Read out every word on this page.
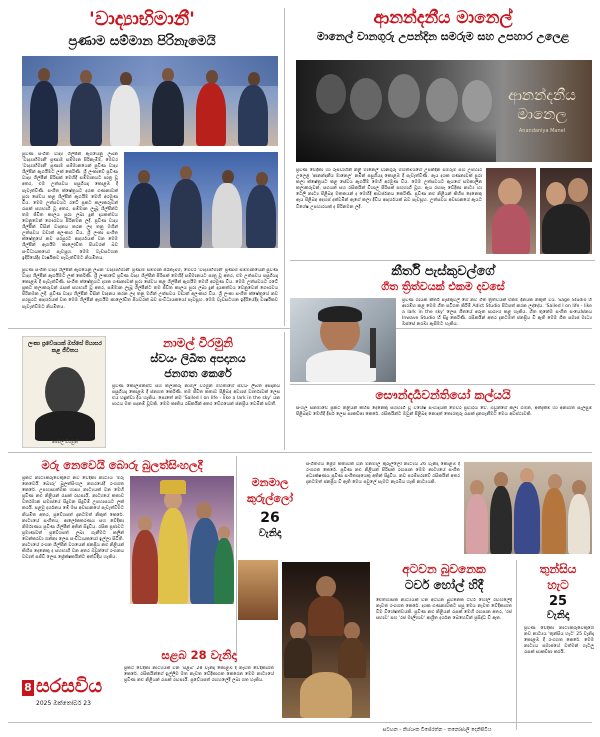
'වාද්‍යාභිමානී'
ප්‍රණාම සම්මාන පිරිනැමෙයි
පුවීණ සංගීත වාද්‍ය ශිල්පීන් ඇගයෙනු ලබන 'වාද්‍යාභිමානී' ප්‍රණාම සම්මාන පිරිනැමීම, මෙවර 'වාද්‍යාභිමානී' ප්‍රණාම සම්මානයෙන් පුවීණ වාද්‍ය ශිල්පීන් ඇගයීමට ලක් කෙරිණි. ශ්‍රී ලංකාවේ ප්‍රවීණ වාද්‍ය ශිල්පීන් පිරිසක් මෙහිදී සම්මානයට පාත්‍ර වූ අතර, එම උත්සවය පසුගියදා කොළඹ දී පැවැත්විණි. සංගීත ක්ෂේත්‍රයට දශක ගණනාවක් පුරා සේවය කළ ශිල්පීන් ඇගයීම මෙහි අරමුණ විය. මෙම උත්සවයට රටේ ප්‍රකට කලාකරුවන් රැසක් සහභාගී වූ අතර, සම්මාන ලැබූ ශිල්පීන්ට තම ජීවිත කාලය පුරා ලබා දුන් දායකත්වය වෙනුවෙන් ගෞරවය පිරිනමන ලදී. ප්‍රවීණ වාද්‍ය ශිල්පීන් විසින් වාදනය කරන ලද තනු මගින් උත්සවය වඩාත් අලංකාර විය. ශ්‍රී ලංකා සංගීත ක්ෂේත්‍රයේ නව පරපුරට ආදර්ශයක් වන මෙම ශිල්පීන් ඇගයීම කාලෝචිත පියවරක් බව සංවිධායකයෝ පැවසූහ. මෙම වැඩසටහන ඉදිරියේදීද වාර්ෂිකව පැවැත්වීමට නියමිතය.
පුවීණ සංගීත වාද්‍ය ශිල්පීන් ඇගයෙනු ලබන 'වාද්‍යාභිමානී' ප්‍රණාම සම්මාන පිරිනැමීම, මෙවර 'වාද්‍යාභිමානී' ප්‍රණාම සම්මානයෙන් පුවීණ වාද්‍ය ශිල්පීන් ඇගයීමට ලක් කෙරිණි. ශ්‍රී ලංකාවේ ප්‍රවීණ වාද්‍ය ශිල්පීන් පිරිසක් මෙහිදී සම්මානයට පාත්‍ර වූ අතර, එම උත්සවය පසුගියදා කොළඹ දී පැවැත්විණි. සංගීත ක්ෂේත්‍රයට දශක ගණනාවක් පුරා සේවය කළ ශිල්පීන් ඇගයීම මෙහි අරමුණ විය. මෙම උත්සවයට රටේ ප්‍රකට කලාකරුවන් රැසක් සහභාගී වූ අතර, සම්මාන ලැබූ ශිල්පීන්ට තම ජීවිත කාලය පුරා ලබා දුන් දායකත්වය වෙනුවෙන් ගෞරවය පිරිනමන ලදී. ප්‍රවීණ වාද්‍ය ශිල්පීන් විසින් වාදනය කරන ලද තනු මගින් උත්සවය වඩාත් අලංකාර විය. ශ්‍රී ලංකා සංගීත ක්ෂේත්‍රයේ නව පරපුරට ආදර්ශයක් වන මෙම ශිල්පීන් ඇගයීම කාලෝචිත පියවරක් බව සංවිධායකයෝ පැවසූහ. මෙම වැඩසටහන ඉදිරියේදීද වාර්ෂිකව පැවැත්වීමට නියමිතය.
ආනන්දනීය මානෙල්
මානෙල් වානගුරු උපන්දින සමරුම සහ උපහාර උලෙළ
ආනන්දනීය මානෙල
Anandaniya Manel
ප්‍රවීණ වේදිකා හා රූපවාහිනී නිළි මානෙල් වානගුරු මහත්මියගේ උපන්දින සමරුම සහ උපහාර උලෙළ 'ආනන්දනීය මානෙල' නමින් පසුගියදා කොළඹ දී පැවැත්විණි. ඇය දශක ගණනාවක් පුරා කලා ක්ෂේත්‍රයට කළ සේවය ඇගයීම මෙහි අරමුණ විය. මෙම උත්සවයට ඇයගේ සමකාලීන කලාකරුවන්, සගයන් සහ රසිකයින් විශාල පිරිසක් සහභාගී වූහ. ඇය රඟපෑ වේදිකා නාට්‍ය හා ටෙලි නාට්‍ය පිළිබඳ මතකයන් ද මෙහිදී ආවර්ජනය කෙරිණි. ප්‍රවීණ නළු නිළියන් කිහිප දෙනෙකු ඇය පිළිබඳ අදහස් දක්වමින් ඇගේ කලා දිවිය ආදර්ශයක් බව පැවසූහ. උත්සවය අවසානයේ ඇයට විශේෂ උපහාරයක් ද පිරිනමන ලදී.
කීර්ති පැස්කුවල්ගේ
ගීත ත්‍රිත්වයක් එකම දවසේ
ප්‍රවීණ ගායක කීර්ති පැස්කුවල් ගේ නව ගීත ත්‍රිත්වයක් එකම දිනයක නිකුත් විය. Sage Studio හි ආරම්භ කළ මෙම ගීත පටිගත කිරීම් Adict Studio පිටපත් කරන ලද්දේය. 'Sailed I on life - like a lark in the sky' ලෙස ගීතයේ අරුත සාරාංශ කළ හැකිය. ගීත තුනේම සංගීත සංයෝජනය Inwave Studio හි සිදු කෙරිණි. රසිකයින් අතර දැනටමත් ජනප්‍රිය වී ඇති මෙම ගීත සමාජ මාධ්‍ය ඔස්සේ නරඹා ඇසීමට හැකිය.
ලංකා ප්‍රවේශයක් ඔස්සේ පියාසර කළ ජීවිතය
නාමල් වීරමුනි
නාමල් වීරමුනි
ස්වයං ලිඛිත අපදානය
ජනගත කෙරේ
ප්‍රවීණ කොලම්නිස්ට් සහ කලාකරු නාමල් වීරමුනි මහතාගේ ස්වයං ලිඛිත අපදානය පසුගියදා කොළඹ දී ජනගත කෙරිණි. තම ජීවිත කතාව පිළිබඳ අව්‍යාජ වාර්තාවක් ලෙස එය හඳුන්වා දිය හැකිය. පොතේ නම 'Sailed I on life - like a lark in the sky' යන පාඨය මත පදනම් වූවකි. මෙම කෘතිය රසිකයින් අතර වේගයෙන් ජනප්‍රිය වෙමින් පවතී.
සෞන්දර්‍යවන්තියෝ කල්යයි
සිංහල සිනමාවේ ප්‍රකට නිළියන් කිහිප දෙනෙකු සහභාගී වූ විශේෂ සංවාදයක් මෙවර ප්‍රචාරය වේ. ඔවුන්ගේ කලා ගමන, අත්දැකීම් හා අනාගත සැලසුම් පිළිබඳව මෙහිදී දීර්ඝ ලෙස සාකච්ඡා කෙරේ. රසිකයින්ට ඔවුන් පිළිබඳ නොදත් තොරතුරු රැසක් දැනගැනීමට මෙය අවස්ථාවකි.
මරු නෙවෙයි බොරු බුලත්සිංහලදී
ප්‍රකට නාට්‍යකරුවෙකුගේ නව වේදිකා නාට්‍යය 'මරු නෙවෙයි බොරු' බුලත්සිංහල නගරයේදී රංගගත කෙරේ. උපහාසාත්මක හාස්‍ය නාට්‍යයක් වන මෙහි ප්‍රවීණ නළු නිළියන් රැසක් රඟපායි. නාට්‍යයේ කතාව වර්තමාන සමාජයේ සිදුවන සිදුවීම් උපහාසයට ලක් කරයි. පළමු දර්ශනය මේ මස අවසානයේ පැවැත්වීමට නියමිත අතර, ප්‍රවේශපත් දැනටමත් නිකුත් කෙරේ. නාට්‍යයේ සංගීතය, ආලෝකකරණය සහ වේදිකා නිර්මාණය ප්‍රවීණ ශිල්පීන් අතින් සිදුවිය. රසික ප්‍රජාවට ප්‍රමාණවත් ප්‍රවේශපත් ලබා ගැනීමට කලින් වෙන්කරවා ගන්නා ලෙස සංවිධායකයෝ ඉල්ලා සිටිති. නාට්‍යයේ රංගන ශිල්පීන් වශයෙන් ජනප්‍රිය නළු නිළියන් කිහිප දෙනෙකු ද සහභාගී වන අතර ඔවුන්ගේ රංගනය වඩාත් සජීවී ලෙස ප්‍රේක්ෂකයින්ට අත්විඳිය හැකිය.
මනමාල
කුරුල්ලෝ
26
වැනිදා
සංගීතමය ප්‍රේම කතාවක් වන මනමාල කුරුල්ලෝ නාට්‍යය 26 වැනිදා කොළඹ දී රංගගත කෙරේ. ප්‍රවීණ නළු නිළියන් පිරිසක් රඟපාන මෙම නාට්‍යයේ සංගීත අධ්‍යක්ෂණය ප්‍රවීණ සංගීතඥයෙකු අතින් සිදුවිය. නව පරම්පරාවේ රසිකයින් අතර දැනටමත් ජනප්‍රිය වී ඇති මෙය පවුලේ සැමට නැරඹිය හැකි නාට්‍යයකි.
අටවන බුවනෙක
ටවර් හෝල් හිදී
ඓතිහාසික නාට්‍යයක් වන අටවන බුවනෙක ටවර් හෝල් රඟහලේදී නැවත රංගගත කෙරේ. දශක ගණනාවකට පසු මෙය නැවත වේදිකාගත වීම විශේෂත්වයකි. ප්‍රවීණ නළු නිළියන් රැසක් මෙහි රඟපාන අතර, 'රජ සභාව' සහ 'රජ මාලිගාව' ආශ්‍රිත දර්ශන බෙහෙවින් ප්‍රසිද්ධ වී ඇත.
තුන්සිය
හැට
25
වැනිදා
ප්‍රවීණ වේදිකා නාට්‍යකරුවෙකුගේ නව නාට්‍යය 'තුන්සිය හැට' 25 වැනිදා කොළඹ දී රංගගත කෙරේ. මෙම නාට්‍යය සමාජයේ වත්මන් ගැටලු රැසක් සාකච්ඡා කරයි.
සළබ 28 වැනිදා
ප්‍රකට වේදිකා නාට්‍යයක් වන 'සළබ' 28 වැනිදා කොළඹ දී නැවත වේදිකාගත කෙරේ. රසිකයින්ගේ ඉල්ලීම මත නැවත වේදිකාගත කෙරෙන මෙම නාට්‍යයේ ප්‍රවීණ නළු නිළියන් රැසක් රඟපායි. ප්‍රවේශපත් රඟහලේදී ලබා ගත හැකිය.
8 සරසවිය
2025 ඔක්තෝබර් 23
සටහන - නිශ්ශංක විජේරත්න - තනෝජාලි දෙනිපිටිය
